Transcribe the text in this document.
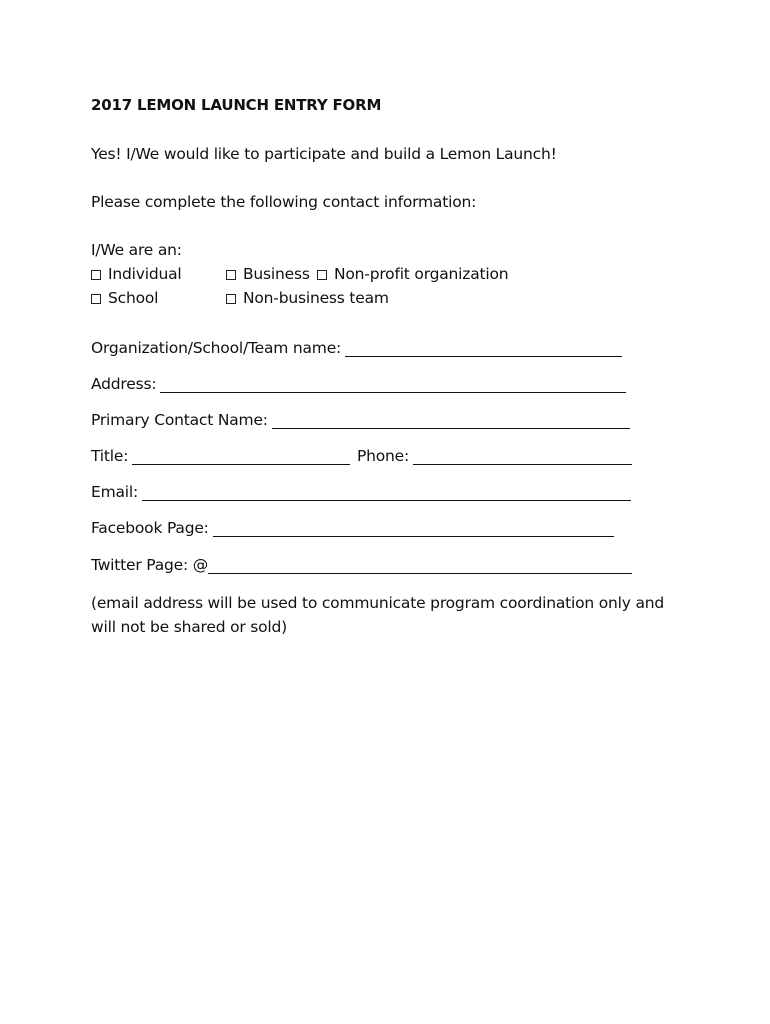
2017 LEMON LAUNCH ENTRY FORM
Yes! I/We would like to participate and build a Lemon Launch!
Please complete the following contact information:
I/We are an:
Individual
School
Business Non-profit organization
Non-business team
Organization/School/Team name:
Address:
Primary Contact Name:
Title:	Phone:
Email:
Facebook Page:
Twitter Page: @
(email address will be used to communicate program coordination only and will not be shared or sold)
